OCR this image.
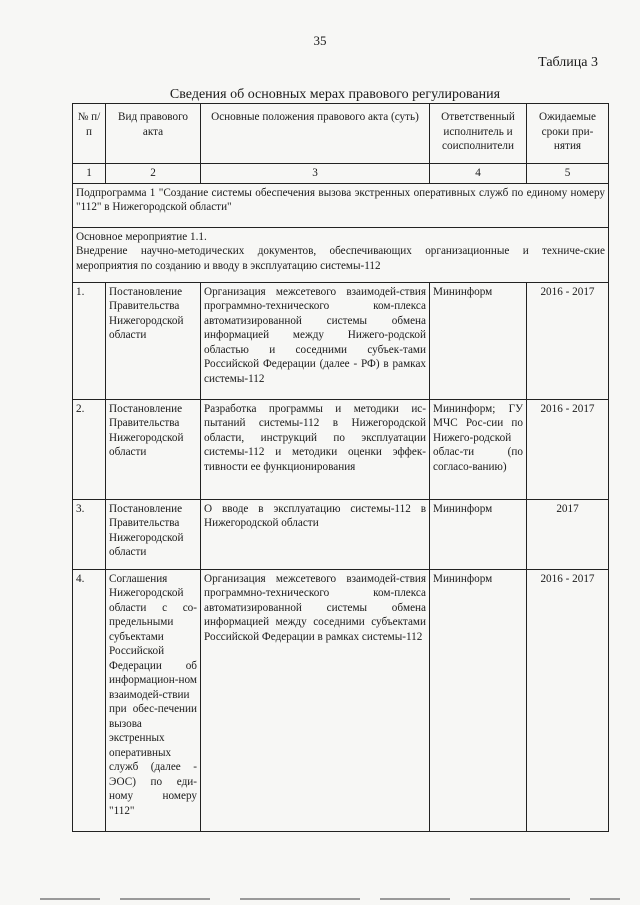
35
Таблица 3
Сведения об основных мерах правового регулирования
№ п/п	Вид правового акта	Основные положения правового акта (суть)	Ответственный исполнитель и соисполнители	Ожидаемые сроки при-нятия
1	2	3	4	5
Подпрограмма 1 "Создание системы обеспечения вызова экстренных оперативных служб по единому номеру "112" в Нижегородской области"				

Основное мероприятие 1.1.
Внедрение научно-методических документов, обеспечивающих организационные и техниче-ские мероприятия по созданию и вводу в эксплуатацию системы-112				

1.	Постановление Правительства Нижегородской области	Организация межсетевого взаимодей-ствия программно-технического ком-плекса автоматизированной системы обмена информацией между Нижего-родской областью и соседними субъек-тами Российской Федерации (далее - РФ) в рамках системы-112	Мининформ	2016 - 2017
2.	Постановление Правительства Нижегородской области	Разработка программы и методики ис-пытаний системы-112 в Нижегородской области, инструкций по эксплуатации системы-112 и методики оценки эффек-тивности ее функционирования	Мининформ; ГУ МЧС Рос-сии по Нижего-родской облас-ти (по согласо-ванию)	2016 - 2017
3.	Постановление Правительства Нижегородской области	О вводе в эксплуатацию системы-112 в Нижегородской области	Мининформ	2017
4.	Соглашения Нижегородской области с со-предельными субъектами Российской Федерации об информацион-ном взаимодей-ствии при обес-печении вызова экстренных оперативных служб (далее - ЭОС) по еди-ному номеру "112"	Организация межсетевого взаимодей-ствия программно-технического ком-плекса автоматизированной системы обмена информацией между соседними субъектами Российской Федерации в рамках системы-112	Мининформ	2016 - 2017
